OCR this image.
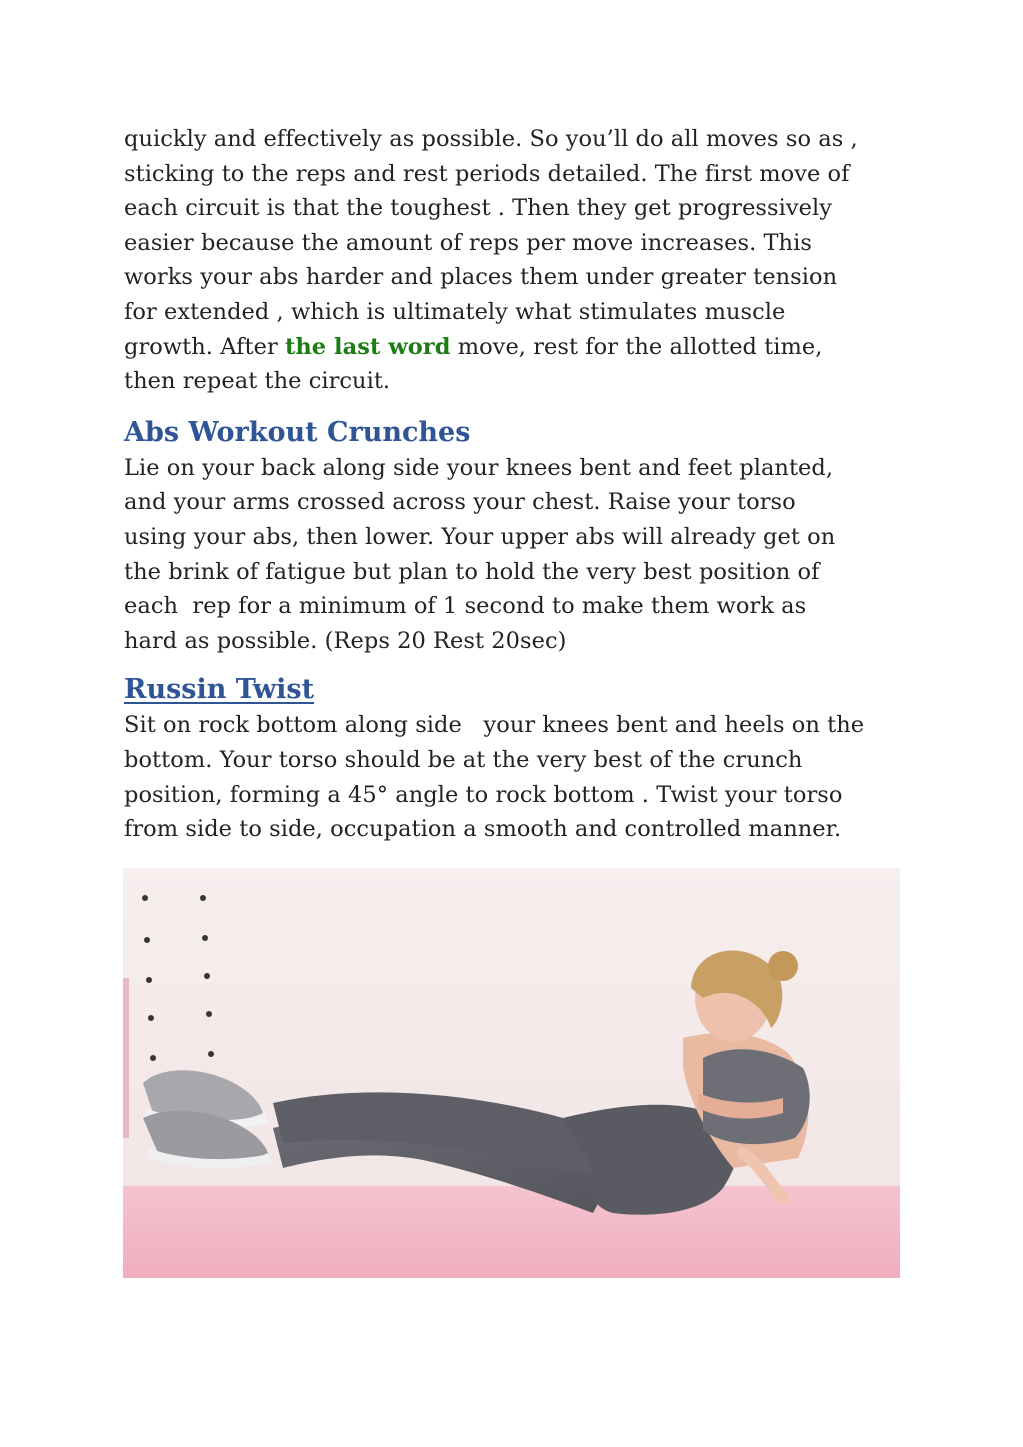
quickly and effectively as possible. So you’ll do all moves so as ,
sticking to the reps and rest periods detailed. The first move of
each circuit is that the toughest . Then they get progressively
easier because the amount of reps per move increases. This
works your abs harder and places them under greater tension
for extended , which is ultimately what stimulates muscle
growth. After the last word move, rest for the allotted time,
then repeat the circuit.

Abs Workout Crunches

Lie on your back along side your knees bent and feet planted,
and your arms crossed across your chest. Raise your torso
using your abs, then lower. Your upper abs will already get on
the brink of fatigue but plan to hold the very best position of
each  rep for a minimum of 1 second to make them work as
hard as possible. (Reps 20 Rest 20sec)

Russin Twist

Sit on rock bottom along side   your knees bent and heels on the
bottom. Your torso should be at the very best of the crunch
position, forming a 45° angle to rock bottom . Twist your torso
from side to side, occupation a smooth and controlled manner.
